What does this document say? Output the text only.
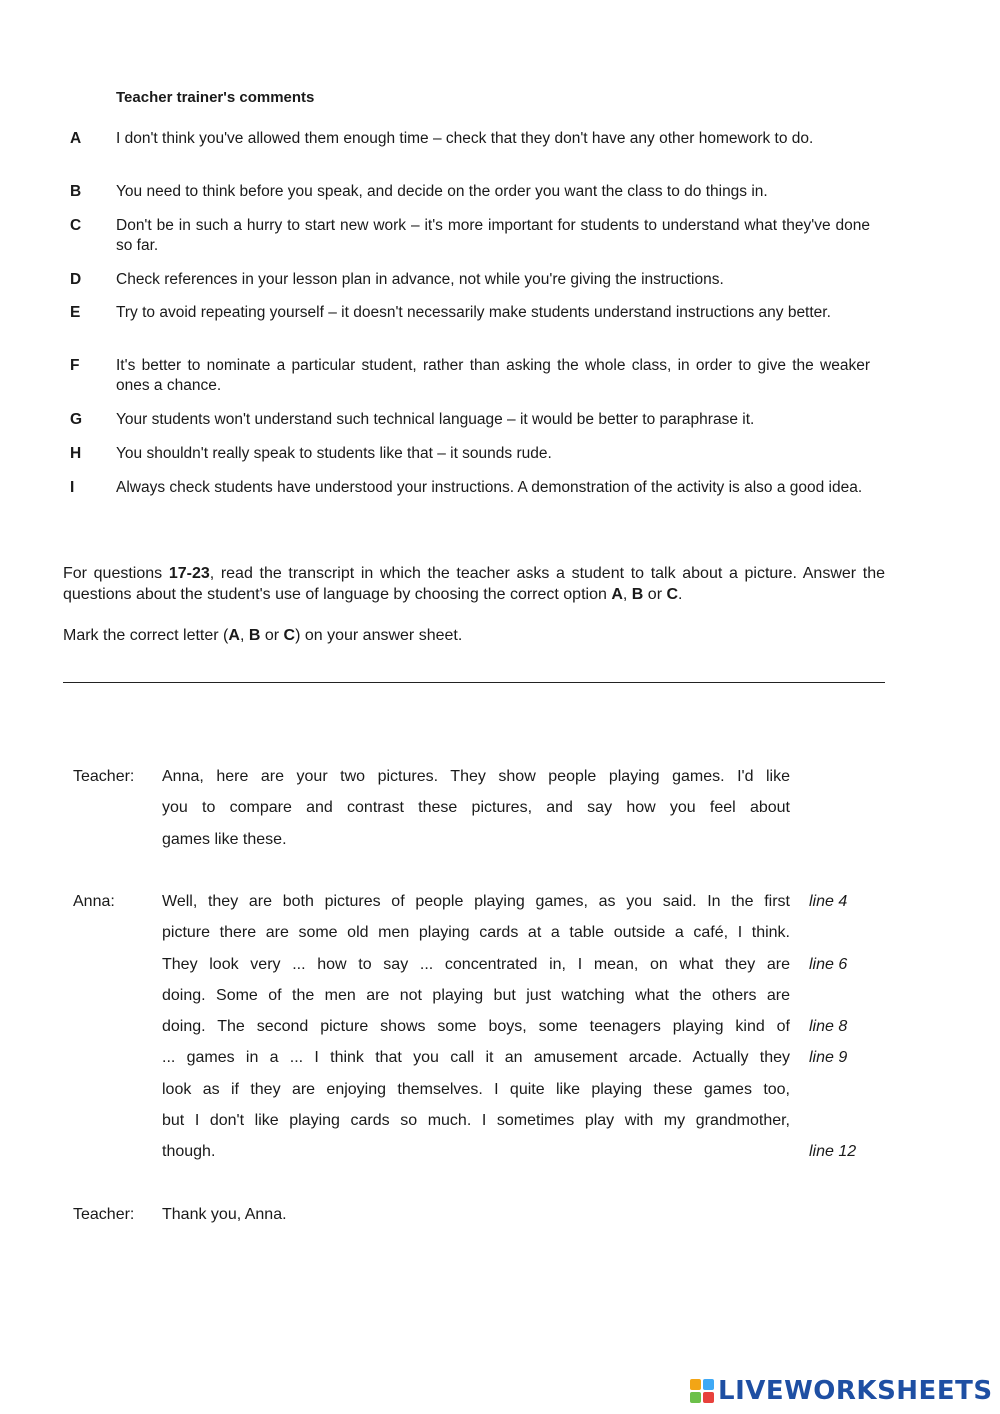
Teacher trainer's comments
A	I don't think you've allowed them enough time – check that they don't have any other homework to do.
B	You need to think before you speak, and decide on the order you want the class to do things in.
C	Don't be in such a hurry to start new work – it's more important for students to understand what they've done so far.
D	Check references in your lesson plan in advance, not while you're giving the instructions.
E	Try to avoid repeating yourself – it doesn't necessarily make students understand instructions any better.
F	It's better to nominate a particular student, rather than asking the whole class, in order to give the weaker ones a chance.
G	Your students won't understand such technical language – it would be better to paraphrase it.
H	You shouldn't really speak to students like that – it sounds rude.
I	Always check students have understood your instructions. A demonstration of the activity is also a good idea.
For questions 17-23, read the transcript in which the teacher asks a student to talk about a picture. Answer the questions about the student's use of language by choosing the correct option A, B or C.
Mark the correct letter (A, B or C) on your answer sheet.
Teacher: Anna, here are your two pictures. They show people playing games. I'd like
you to compare and contrast these pictures, and say how you feel about
games like these.
Anna:	Well, they are both pictures of people playing games, as you said. In the first
picture there are some old men playing cards at a table outside a café, I think.
They look very ... how to say ... concentrated in, I mean, on what they are
doing. Some of the men are not playing but just watching what the others are
doing. The second picture shows some boys, some teenagers playing kind of
... games in a ... I think that you call it an amusement arcade. Actually they
look as if they are enjoying themselves. I quite like playing these games too,
but I don't like playing cards so much. I sometimes play with my grandmother,
though.
line 4
line 6
line 8
line 9
line 12
Teacher: Thank you, Anna.
LIVEWORKSHEETS
